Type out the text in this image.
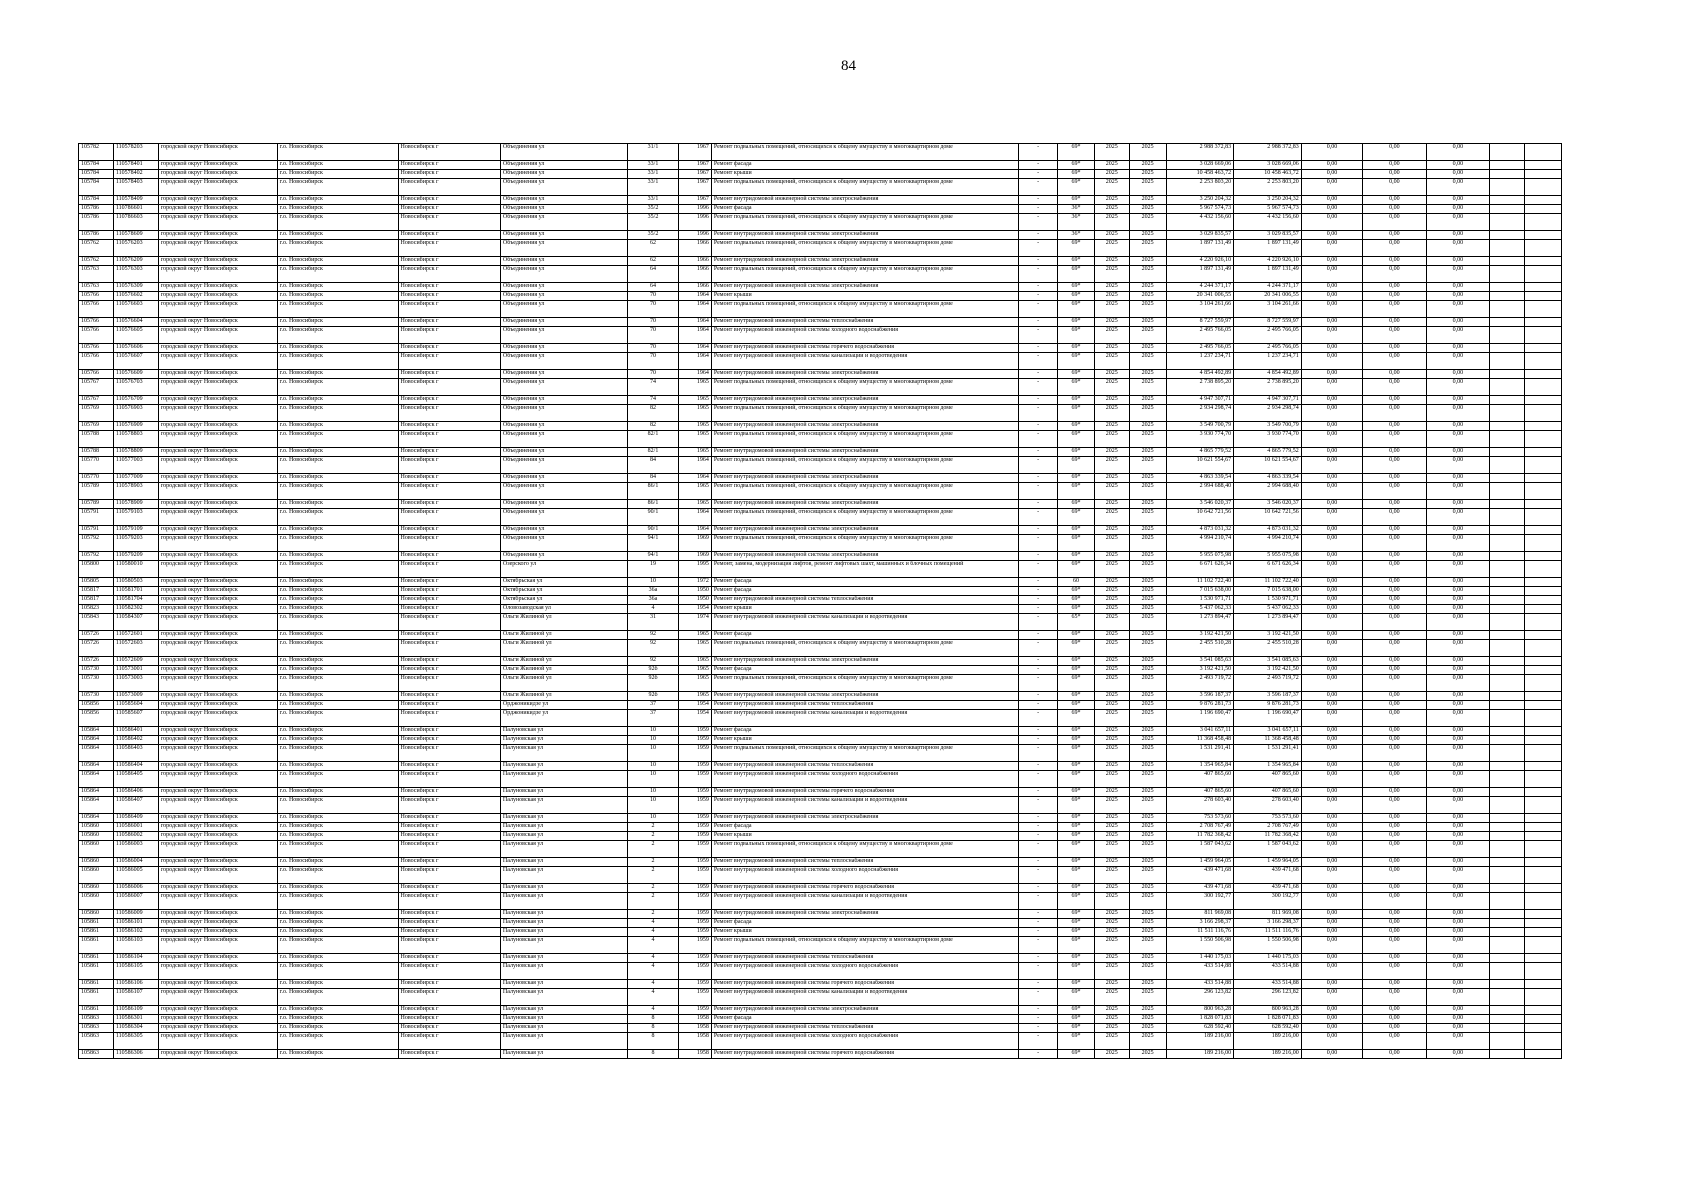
84
105782	110578203	городской округ Новосибирск	г.о. Новосибирск	Новосибирск г	Объединения ул	31/1	1967	Ремонт подвальных помещений, относящихся к общему имуществу в многоквартирном доме	-	69*	2025	2025	2 988 372,83	2 988 372,83	0,00	0,00	0,00		
105784	110578401	городской округ Новосибирск	г.о. Новосибирск	Новосибирск г	Объединения ул	33/1	1967	Ремонт фасада	-	69*	2025	2025	3 028 669,06	3 028 669,06	0,00	0,00	0,00		
105784	110578402	городской округ Новосибирск	г.о. Новосибирск	Новосибирск г	Объединения ул	33/1	1967	Ремонт крыши	-	69*	2025	2025	10 458 463,72	10 458 463,72	0,00	0,00	0,00		
105784	110578403	городской округ Новосибирск	г.о. Новосибирск	Новосибирск г	Объединения ул	33/1	1967	Ремонт подвальных помещений, относящихся к общему имуществу в многоквартирном доме	-	69*	2025	2025	2 253 803,20	2 253 803,20	0,00	0,00	0,00		
105784	110578409	городской округ Новосибирск	г.о. Новосибирск	Новосибирск г	Объединения ул	33/1	1967	Ремонт внутридомовой инженерной системы электроснабжения	-	69*	2025	2025	3 250 204,32	3 250 204,32	0,00	0,00	0,00		
105786	110786601	городской округ Новосибирск	г.о. Новосибирск	Новосибирск г	Объединения ул	35/2	1996	Ремонт фасада	-	36*	2025	2025	5 967 574,73	5 967 574,73	0,00	0,00	0,00		
105786	110786603	городской округ Новосибирск	г.о. Новосибирск	Новосибирск г	Объединения ул	35/2	1996	Ремонт подвальных помещений, относящихся к общему имуществу в многоквартирном доме	-	36*	2025	2025	4 432 156,60	4 432 156,60	0,00	0,00	0,00		
105786	110578609	городской округ Новосибирск	г.о. Новосибирск	Новосибирск г	Объединения ул	35/2	1996	Ремонт внутридомовой инженерной системы электроснабжения	-	36*	2025	2025	3 029 835,57	3 029 835,57	0,00	0,00	0,00		
105762	110576203	городской округ Новосибирск	г.о. Новосибирск	Новосибирск г	Объединения ул	62	1966	Ремонт подвальных помещений, относящихся к общему имуществу в многоквартирном доме	-	69*	2025	2025	1 897 131,49	1 897 131,49	0,00	0,00	0,00		
105762	110576209	городской округ Новосибирск	г.о. Новосибирск	Новосибирск г	Объединения ул	62	1966	Ремонт внутридомовой инженерной системы электроснабжения	-	69*	2025	2025	4 220 926,10	4 220 926,10	0,00	0,00	0,00		
105763	110576303	городской округ Новосибирск	г.о. Новосибирск	Новосибирск г	Объединения ул	64	1966	Ремонт подвальных помещений, относящихся к общему имуществу в многоквартирном доме	-	69*	2025	2025	1 897 131,49	1 897 131,49	0,00	0,00	0,00		
105763	110576309	городской округ Новосибирск	г.о. Новосибирск	Новосибирск г	Объединения ул	64	1966	Ремонт внутридомовой инженерной системы электроснабжения	-	69*	2025	2025	4 244 371,17	4 244 371,17	0,00	0,00	0,00		
105766	110576602	городской округ Новосибирск	г.о. Новосибирск	Новосибирск г	Объединения ул	70	1964	Ремонт крыши	-	69*	2025	2025	20 341 006,55	20 341 006,55	0,00	0,00	0,00		
105766	110576603	городской округ Новосибирск	г.о. Новосибирск	Новосибирск г	Объединения ул	70	1964	Ремонт подвальных помещений, относящихся к общему имуществу в многоквартирном доме	-	69*	2025	2025	3 104 261,66	3 104 261,66	0,00	0,00	0,00		
105766	110576604	городской округ Новосибирск	г.о. Новосибирск	Новосибирск г	Объединения ул	70	1964	Ремонт внутридомовой инженерной системы теплоснабжения	-	69*	2025	2025	8 727 559,97	8 727 559,97	0,00	0,00	0,00		
105766	110576605	городской округ Новосибирск	г.о. Новосибирск	Новосибирск г	Объединения ул	70	1964	Ремонт внутридомовой инженерной системы холодного водоснабжения	-	69*	2025	2025	2 495 766,05	2 495 766,05	0,00	0,00	0,00		
105766	110576606	городской округ Новосибирск	г.о. Новосибирск	Новосибирск г	Объединения ул	70	1964	Ремонт внутридомовой инженерной системы горячего водоснабжения	-	69*	2025	2025	2 495 766,05	2 495 766,05	0,00	0,00	0,00		
105766	110576607	городской округ Новосибирск	г.о. Новосибирск	Новосибирск г	Объединения ул	70	1964	Ремонт внутридомовой инженерной системы канализации и водоотведения	-	69*	2025	2025	1 237 234,71	1 237 234,71	0,00	0,00	0,00		
105766	110576609	городской округ Новосибирск	г.о. Новосибирск	Новосибирск г	Объединения ул	70	1964	Ремонт внутридомовой инженерной системы электроснабжения	-	69*	2025	2025	4 854 492,89	4 854 492,89	0,00	0,00	0,00		
105767	110576703	городской округ Новосибирск	г.о. Новосибирск	Новосибирск г	Объединения ул	74	1965	Ремонт подвальных помещений, относящихся к общему имуществу в многоквартирном доме	-	69*	2025	2025	2 738 895,20	2 738 895,20	0,00	0,00	0,00		
105767	110576709	городской округ Новосибирск	г.о. Новосибирск	Новосибирск г	Объединения ул	74	1965	Ремонт внутридомовой инженерной системы электроснабжения	-	69*	2025	2025	4 947 307,71	4 947 307,71	0,00	0,00	0,00		
105769	110576903	городской округ Новосибирск	г.о. Новосибирск	Новосибирск г	Объединения ул	82	1965	Ремонт подвальных помещений, относящихся к общему имуществу в многоквартирном доме	-	69*	2025	2025	2 934 298,74	2 934 298,74	0,00	0,00	0,00		
105769	110576909	городской округ Новосибирск	г.о. Новосибирск	Новосибирск г	Объединения ул	82	1965	Ремонт внутридомовой инженерной системы электроснабжения	-	69*	2025	2025	3 549 700,79	3 549 700,79	0,00	0,00	0,00		
105788	110578803	городской округ Новосибирск	г.о. Новосибирск	Новосибирск г	Объединения ул	82/1	1965	Ремонт подвальных помещений, относящихся к общему имуществу в многоквартирном доме	-	69*	2025	2025	3 930 774,70	3 930 774,70	0,00	0,00	0,00		
105788	110578809	городской округ Новосибирск	г.о. Новосибирск	Новосибирск г	Объединения ул	82/1	1965	Ремонт внутридомовой инженерной системы электроснабжения	-	69*	2025	2025	4 865 779,52	4 865 779,52	0,00	0,00	0,00		
105770	110577003	городской округ Новосибирск	г.о. Новосибирск	Новосибирск г	Объединения ул	84	1964	Ремонт подвальных помещений, относящихся к общему имуществу в многоквартирном доме	-	69*	2025	2025	10 621 554,67	10 621 554,67	0,00	0,00	0,00		
105770	110577009	городской округ Новосибирск	г.о. Новосибирск	Новосибирск г	Объединения ул	84	1964	Ремонт внутридомовой инженерной системы электроснабжения	-	69*	2025	2025	4 863 339,54	4 863 339,54	0,00	0,00	0,00		
105789	110578903	городской округ Новосибирск	г.о. Новосибирск	Новосибирск г	Объединения ул	86/1	1965	Ремонт подвальных помещений, относящихся к общему имуществу в многоквартирном доме	-	69*	2025	2025	2 994 688,40	2 994 688,40	0,00	0,00	0,00		
105789	110578909	городской округ Новосибирск	г.о. Новосибирск	Новосибирск г	Объединения ул	86/1	1965	Ремонт внутридомовой инженерной системы электроснабжения	-	69*	2025	2025	3 546 020,37	3 546 020,37	0,00	0,00	0,00		
105791	110579103	городской округ Новосибирск	г.о. Новосибирск	Новосибирск г	Объединения ул	90/1	1964	Ремонт подвальных помещений, относящихся к общему имуществу в многоквартирном доме	-	69*	2025	2025	10 642 721,56	10 642 721,56	0,00	0,00	0,00		
105791	110579109	городской округ Новосибирск	г.о. Новосибирск	Новосибирск г	Объединения ул	90/1	1964	Ремонт внутридомовой инженерной системы электроснабжения	-	69*	2025	2025	4 873 031,32	4 873 031,32	0,00	0,00	0,00		
105792	110579203	городской округ Новосибирск	г.о. Новосибирск	Новосибирск г	Объединения ул	94/1	1969	Ремонт подвальных помещений, относящихся к общему имуществу в многоквартирном доме	-	69*	2025	2025	4 994 210,74	4 994 210,74	0,00	0,00	0,00		
105792	110579209	городской округ Новосибирск	г.о. Новосибирск	Новосибирск г	Объединения ул	94/1	1969	Ремонт внутридомовой инженерной системы электроснабжения	-	69*	2025	2025	5 955 075,98	5 955 075,98	0,00	0,00	0,00		
105800	110580010	городской округ Новосибирск	г.о. Новосибирск	Новосибирск г	Озерского ул	19	1995	Ремонт, замена, модернизация лифтов, ремонт лифтовых шахт, машинных и блочных помещений	-	69*	2025	2025	6 671 626,34	6 671 626,34	0,00	0,00	0,00		
105805	110580503	городской округ Новосибирск	г.о. Новосибирск	Новосибирск г	Октябрьская ул	10	1972	Ремонт фасада	-	60	2025	2025	11 102 722,40	11 102 722,40	0,00	0,00	0,00		
105817	110581701	городской округ Новосибирск	г.о. Новосибирск	Новосибирск г	Октябрьская ул	36а	1950	Ремонт фасада	-	69*	2025	2025	7 015 638,00	7 015 638,00	0,00	0,00	0,00		
105817	110581704	городской округ Новосибирск	г.о. Новосибирск	Новосибирск г	Октябрьская ул	36а	1950	Ремонт внутридомовой инженерной системы теплоснабжения	-	69*	2025	2025	1 530 971,71	1 530 971,71	0,00	0,00	0,00		
105823	110582302	городской округ Новосибирск	г.о. Новосибирск	Новосибирск г	Оловозаводская ул	4	1954	Ремонт крыши	-	69*	2025	2025	5 437 062,33	5 437 062,33	0,00	0,00	0,00		
105843	110584307	городской округ Новосибирск	г.о. Новосибирск	Новосибирск г	Ольги Жилиной ул	31	1974	Ремонт внутридомовой инженерной системы канализации и водоотведения	-	65*	2025	2025	1 273 894,47	1 273 894,47	0,00	0,00	0,00		
105726	110572601	городской округ Новосибирск	г.о. Новосибирск	Новосибирск г	Ольги Жилиной ул	92	1965	Ремонт фасада	-	69*	2025	2025	3 192 421,50	3 192 421,50	0,00	0,00	0,00		
105726	110572603	городской округ Новосибирск	г.о. Новосибирск	Новосибирск г	Ольги Жилиной ул	92	1965	Ремонт подвальных помещений, относящихся к общему имуществу в многоквартирном доме	-	69*	2025	2025	2 455 510,28	2 455 510,28	0,00	0,00	0,00		
105726	110572609	городской округ Новосибирск	г.о. Новосибирск	Новосибирск г	Ольги Жилиной ул	92	1965	Ремонт внутридомовой инженерной системы электроснабжения	-	69*	2025	2025	3 541 085,63	3 541 085,63	0,00	0,00	0,00		
105730	110573001	городской округ Новосибирск	г.о. Новосибирск	Новосибирск г	Ольги Жилиной ул	92б	1965	Ремонт фасада	-	69*	2025	2025	3 192 421,50	3 192 421,50	0,00	0,00	0,00		
105730	110573003	городской округ Новосибирск	г.о. Новосибирск	Новосибирск г	Ольги Жилиной ул	92б	1965	Ремонт подвальных помещений, относящихся к общему имуществу в многоквартирном доме	-	69*	2025	2025	2 493 719,72	2 493 719,72	0,00	0,00	0,00		
105730	110573009	городской округ Новосибирск	г.о. Новосибирск	Новосибирск г	Ольги Жилиной ул	92б	1965	Ремонт внутридомовой инженерной системы электроснабжения	-	69*	2025	2025	3 596 187,37	3 596 187,37	0,00	0,00	0,00		
105856	110585604	городской округ Новосибирск	г.о. Новосибирск	Новосибирск г	Орджоникидзе ул	37	1954	Ремонт внутридомовой инженерной системы теплоснабжения	-	69*	2025	2025	9 876 281,73	9 876 281,73	0,00	0,00	0,00		
105856	110585607	городской округ Новосибирск	г.о. Новосибирск	Новосибирск г	Орджоникидзе ул	37	1954	Ремонт внутридомовой инженерной системы канализации и водоотведения	-	69*	2025	2025	1 196 690,47	1 196 690,47	0,00	0,00	0,00		
105864	110586401	городской округ Новосибирск	г.о. Новосибирск	Новосибирск г	Палуновская ул	10	1959	Ремонт фасада	-	69*	2025	2025	3 041 657,11	3 041 657,11	0,00	0,00	0,00		
105864	110586402	городской округ Новосибирск	г.о. Новосибирск	Новосибирск г	Палуновская ул	10	1959	Ремонт крыши	-	69*	2025	2025	11 368 458,48	11 368 458,48	0,00	0,00	0,00		
105864	110586403	городской округ Новосибирск	г.о. Новосибирск	Новосибирск г	Палуновская ул	10	1959	Ремонт подвальных помещений, относящихся к общему имуществу в многоквартирном доме	-	69*	2025	2025	1 531 291,41	1 531 291,41	0,00	0,00	0,00		
105864	110586404	городской округ Новосибирск	г.о. Новосибирск	Новосибирск г	Палуновская ул	10	1959	Ремонт внутридомовой инженерной системы теплоснабжения	-	69*	2025	2025	1 354 965,84	1 354 965,84	0,00	0,00	0,00		
105864	110586405	городской округ Новосибирск	г.о. Новосибирск	Новосибирск г	Палуновская ул	10	1959	Ремонт внутридомовой инженерной системы холодного водоснабжения	-	69*	2025	2025	407 865,60	407 865,60	0,00	0,00	0,00		
105864	110586406	городской округ Новосибирск	г.о. Новосибирск	Новосибирск г	Палуновская ул	10	1959	Ремонт внутридомовой инженерной системы горячего водоснабжения	-	69*	2025	2025	407 865,60	407 865,60	0,00	0,00	0,00		
105864	110586407	городской округ Новосибирск	г.о. Новосибирск	Новосибирск г	Палуновская ул	10	1959	Ремонт внутридомовой инженерной системы канализации и водоотведения	-	69*	2025	2025	278 603,40	278 603,40	0,00	0,00	0,00		
105864	110586409	городской округ Новосибирск	г.о. Новосибирск	Новосибирск г	Палуновская ул	10	1959	Ремонт внутридомовой инженерной системы электроснабжения	-	69*	2025	2025	753 573,60	753 573,60	0,00	0,00	0,00		
105860	110586001	городской округ Новосибирск	г.о. Новосибирск	Новосибирск г	Палуновская ул	2	1959	Ремонт фасада	-	69*	2025	2025	2 708 767,49	2 708 767,49	0,00	0,00	0,00		
105860	110586002	городской округ Новосибирск	г.о. Новосибирск	Новосибирск г	Палуновская ул	2	1959	Ремонт крыши	-	69*	2025	2025	11 782 368,42	11 782 368,42	0,00	0,00	0,00		
105860	110586003	городской округ Новосибирск	г.о. Новосибирск	Новосибирск г	Палуновская ул	2	1959	Ремонт подвальных помещений, относящихся к общему имуществу в многоквартирном доме	-	69*	2025	2025	1 587 043,62	1 587 043,62	0,00	0,00	0,00		
105860	110586004	городской округ Новосибирск	г.о. Новосибирск	Новосибирск г	Палуновская ул	2	1959	Ремонт внутридомовой инженерной системы теплоснабжения	-	69*	2025	2025	1 459 964,05	1 459 964,05	0,00	0,00	0,00		
105860	110586005	городской округ Новосибирск	г.о. Новосибирск	Новосибирск г	Палуновская ул	2	1959	Ремонт внутридомовой инженерной системы холодного водоснабжения	-	69*	2025	2025	439 471,68	439 471,68	0,00	0,00	0,00		
105860	110586006	городской округ Новосибирск	г.о. Новосибирск	Новосибирск г	Палуновская ул	2	1959	Ремонт внутридомовой инженерной системы горячего водоснабжения	-	69*	2025	2025	439 471,68	439 471,68	0,00	0,00	0,00		
105860	110586007	городской округ Новосибирск	г.о. Новосибирск	Новосибирск г	Палуновская ул	2	1959	Ремонт внутридомовой инженерной системы канализации и водоотведения	-	69*	2025	2025	300 192,77	300 192,77	0,00	0,00	0,00		
105860	110586009	городской округ Новосибирск	г.о. Новосибирск	Новосибирск г	Палуновская ул	2	1959	Ремонт внутридомовой инженерной системы электроснабжения	-	69*	2025	2025	811 969,08	811 969,08	0,00	0,00	0,00		
105861	110586101	городской округ Новосибирск	г.о. Новосибирск	Новосибирск г	Палуновская ул	4	1959	Ремонт фасада	-	69*	2025	2025	3 166 298,37	3 166 298,37	0,00	0,00	0,00		
105861	110586102	городской округ Новосибирск	г.о. Новосибирск	Новосибирск г	Палуновская ул	4	1959	Ремонт крыши	-	69*	2025	2025	11 511 116,76	11 511 116,76	0,00	0,00	0,00		
105861	110586103	городской округ Новосибирск	г.о. Новосибирск	Новосибирск г	Палуновская ул	4	1959	Ремонт подвальных помещений, относящихся к общему имуществу в многоквартирном доме	-	69*	2025	2025	1 550 506,98	1 550 506,98	0,00	0,00	0,00		
105861	110586104	городской округ Новосибирск	г.о. Новосибирск	Новосибирск г	Палуновская ул	4	1959	Ремонт внутридомовой инженерной системы теплоснабжения	-	69*	2025	2025	1 440 175,03	1 440 175,03	0,00	0,00	0,00		
105861	110586105	городской округ Новосибирск	г.о. Новосибирск	Новосибирск г	Палуновская ул	4	1959	Ремонт внутридомовой инженерной системы холодного водоснабжения	-	69*	2025	2025	433 514,88	433 514,88	0,00	0,00	0,00		
105861	110586106	городской округ Новосибирск	г.о. Новосибирск	Новосибирск г	Палуновская ул	4	1959	Ремонт внутридомовой инженерной системы горячего водоснабжения	-	69*	2025	2025	433 514,88	433 514,88	0,00	0,00	0,00		
105861	110586107	городской округ Новосибирск	г.о. Новосибирск	Новосибирск г	Палуновская ул	4	1959	Ремонт внутридомовой инженерной системы канализации и водоотведения	-	69*	2025	2025	296 123,82	296 123,82	0,00	0,00	0,00		
105861	110586109	городской округ Новосибирск	г.о. Новосибирск	Новосибирск г	Палуновская ул	4	1959	Ремонт внутридомовой инженерной системы электроснабжения	-	69*	2025	2025	800 963,28	800 963,28	0,00	0,00	0,00		
105863	110586301	городской округ Новосибирск	г.о. Новосибирск	Новосибирск г	Палуновская ул	8	1958	Ремонт фасада	-	69*	2025	2025	1 828 071,83	1 828 071,83	0,00	0,00	0,00		
105863	110586304	городской округ Новосибирск	г.о. Новосибирск	Новосибирск г	Палуновская ул	8	1958	Ремонт внутридомовой инженерной системы теплоснабжения	-	69*	2025	2025	628 592,40	628 592,40	0,00	0,00	0,00		
105863	110586305	городской округ Новосибирск	г.о. Новосибирск	Новосибирск г	Палуновская ул	8	1958	Ремонт внутридомовой инженерной системы холодного водоснабжения	-	69*	2025	2025	189 216,00	189 216,00	0,00	0,00	0,00		
105863	110586306	городской округ Новосибирск	г.о. Новосибирск	Новосибирск г	Палуновская ул	8	1958	Ремонт внутридомовой инженерной системы горячего водоснабжения	-	69*	2025	2025	189 216,00	189 216,00	0,00	0,00	0,00		
